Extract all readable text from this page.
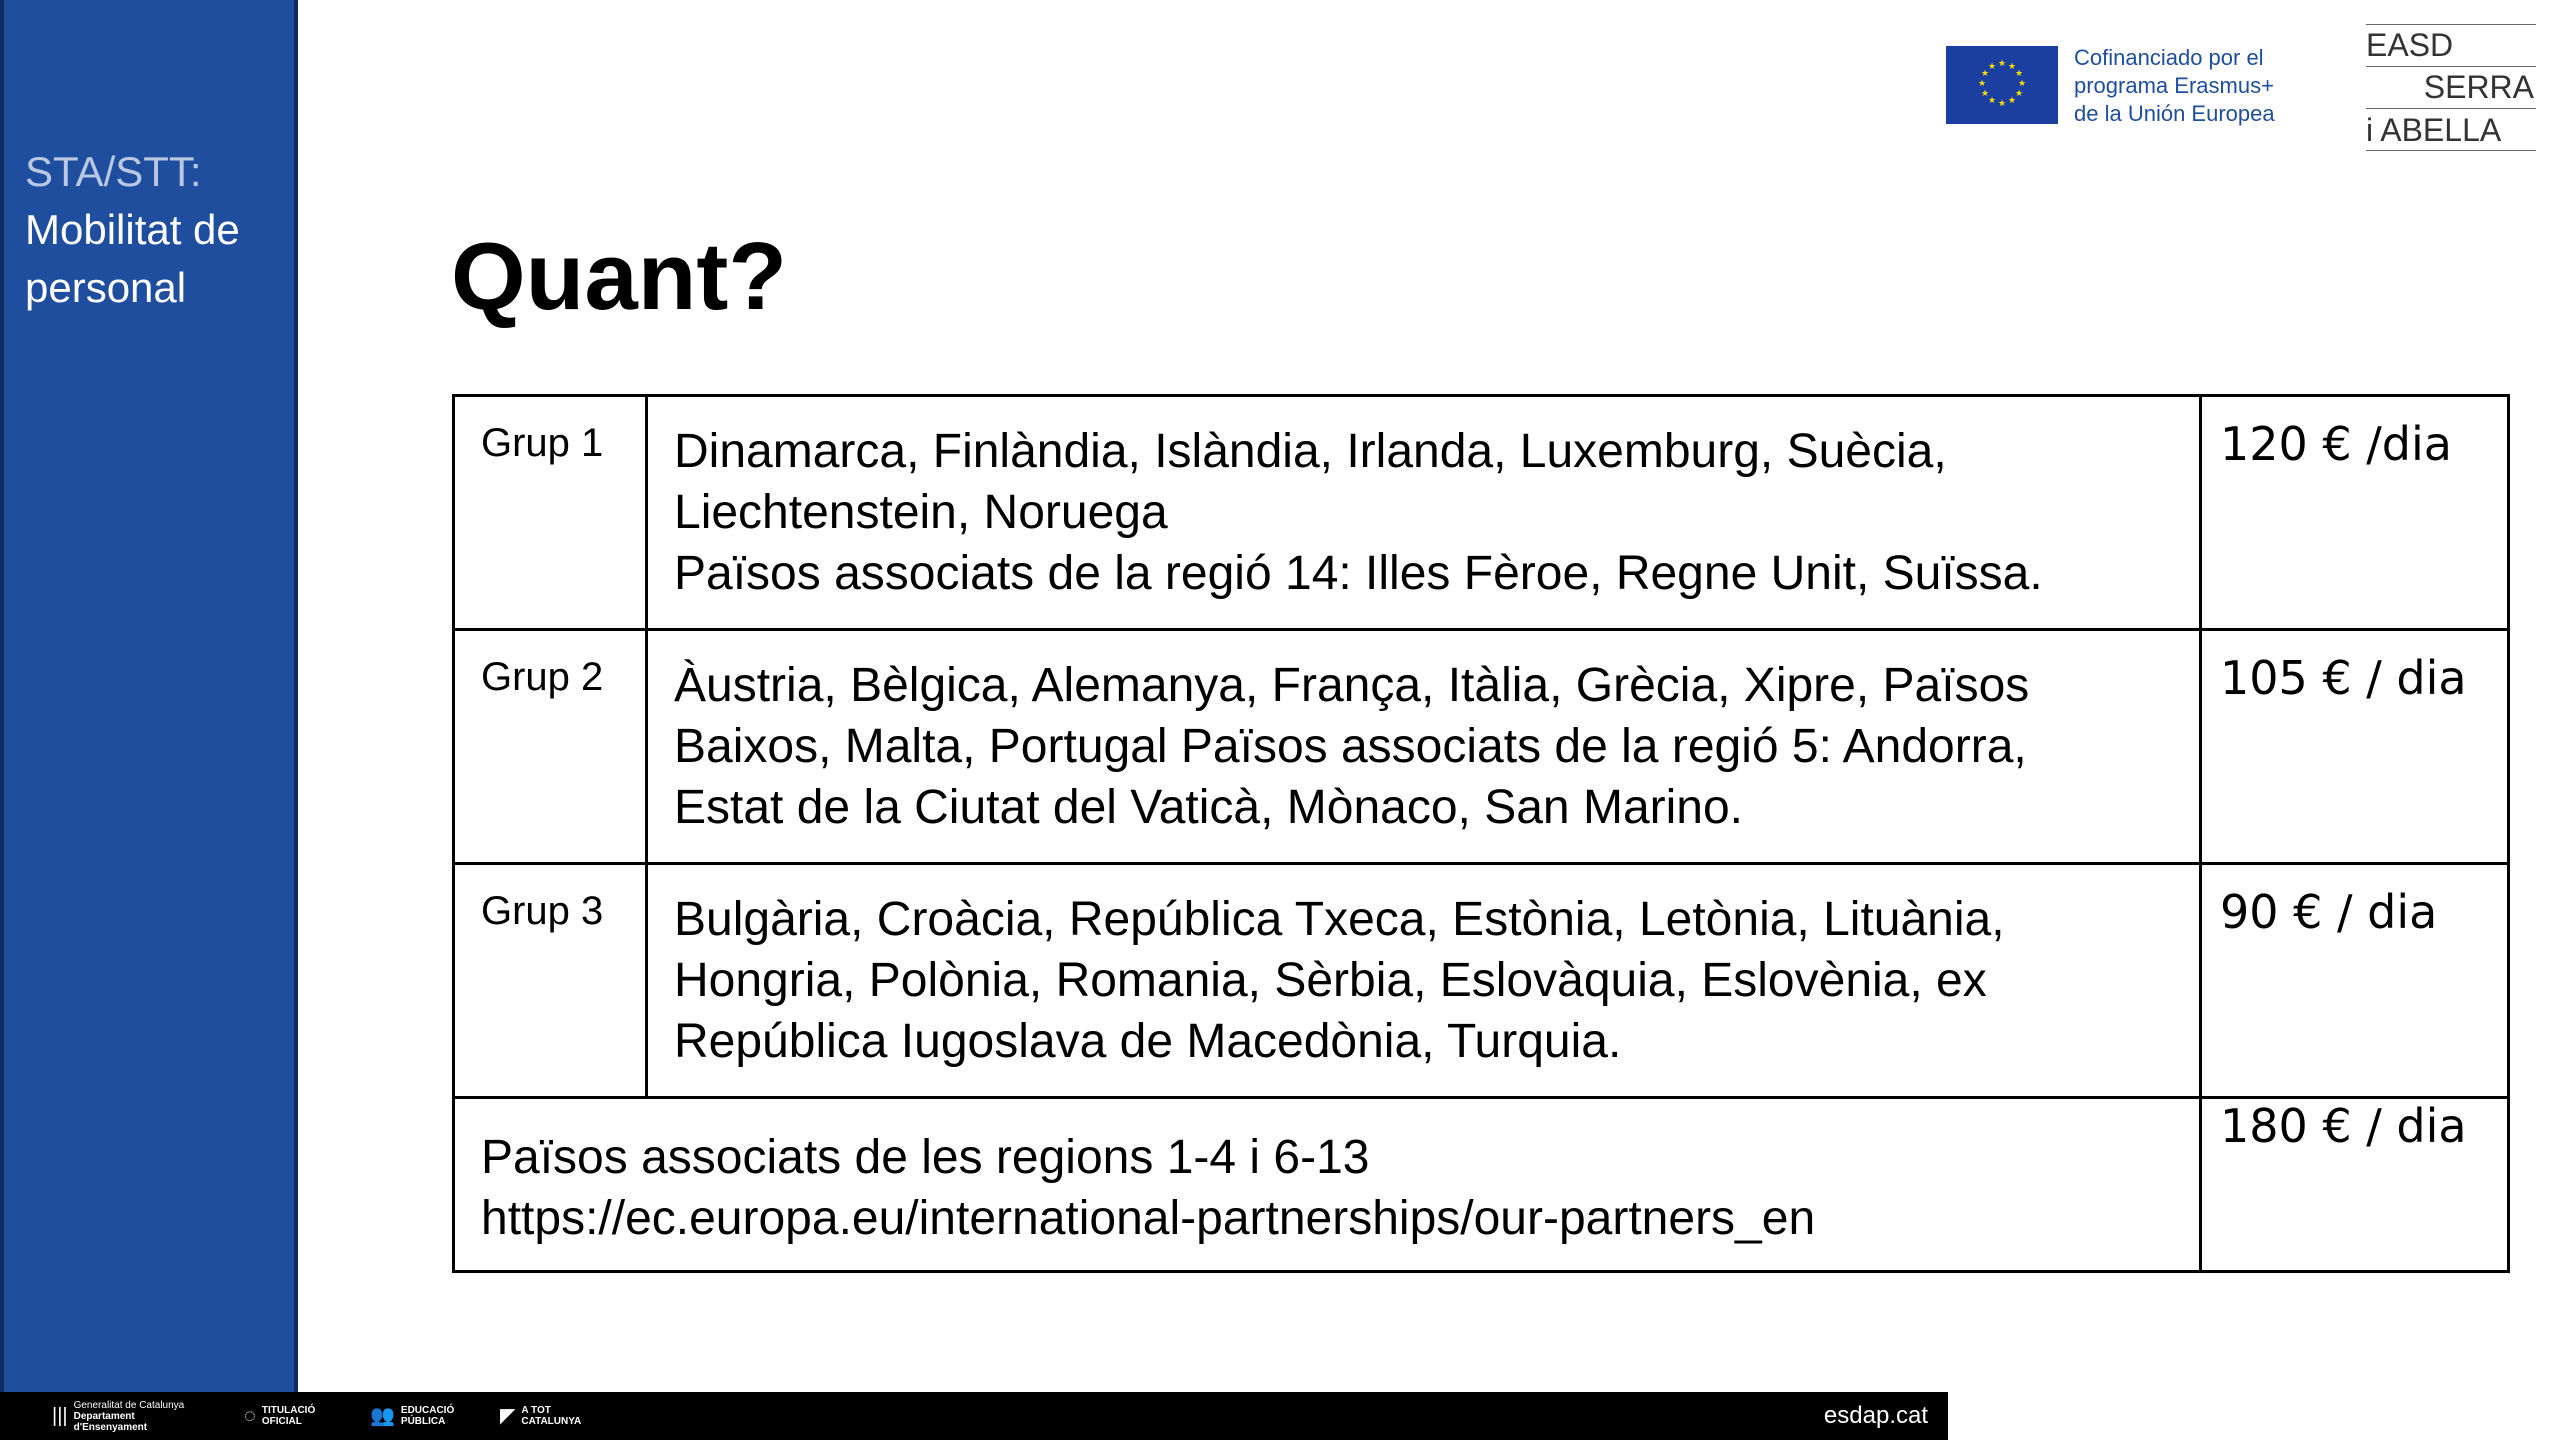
STA/STT:
Mobilitat de
personal
★ ★
★
★
★
★
★
★
★
★
★
★	Cofinanciado por el
programa Erasmus+
de la Unión Europea
EASD
SERRA
i ABELLA
Quant?
Grup 1	Dinamarca, Finlàndia, Islàndia, Irlanda, Luxemburg, Suècia,
Liechtenstein, Noruega
Països associats de la regió 14: Illes Fèroe, Regne Unit, Suïssa.	120 € /dia
Grup 2	Àustria, Bèlgica, Alemanya, França, Itàlia, Grècia, Xipre, Països
Baixos, Malta, Portugal Països associats de la regió 5: Andorra,
Estat de la Ciutat del Vaticà, Mònaco, San Marino.	105 € / dia
Grup 3	Bulgària, Croàcia, República Txeca, Estònia, Letònia, Lituània,
Hongria, Polònia, Romania, Sèrbia, Eslovàquia, Eslovènia, ex
República Iugoslava de Macedònia, Turquia.	90 € / dia

Països associats de les regions 1-4 i 6-13
https://ec.europa.eu/international-partnerships/our-partners_en		180 € / dia
||| Generalitat de Catalunya
Departament
d'Ensenyament
◌ TITULACIÓ
OFICIAL	👥 EDUCACIÓ
PÚBLICA	◤ A TOT
CATALUNYA	esdap.cat
